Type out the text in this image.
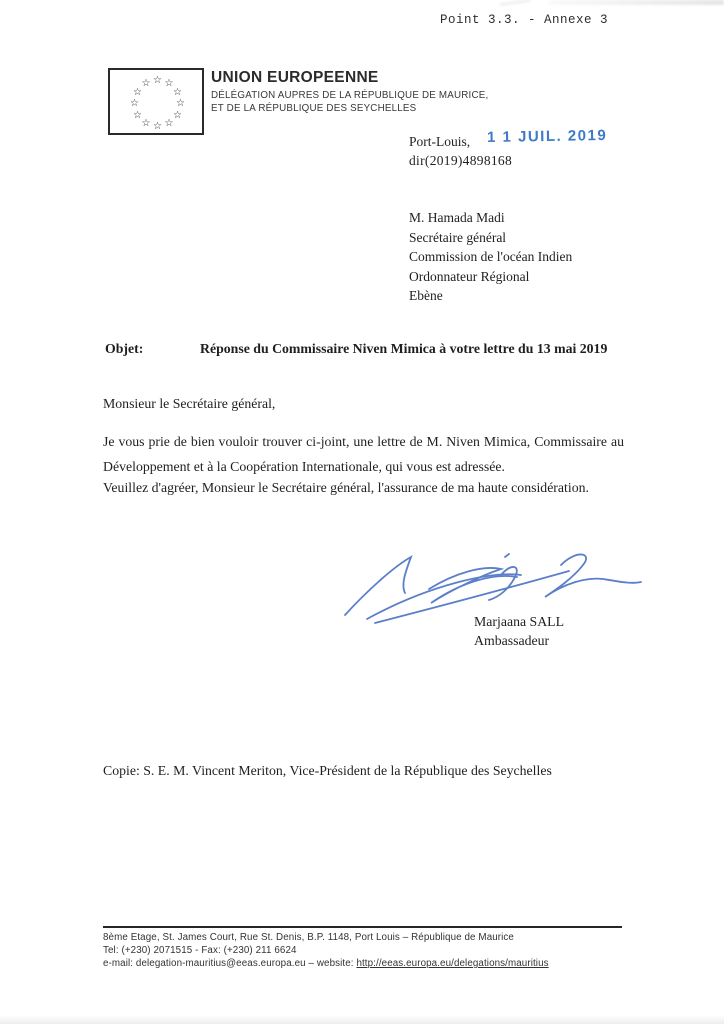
Point 3.3. - Annexe 3
☆ ☆
☆
☆
☆
☆
☆
☆
☆
☆
☆
☆	UNION EUROPEENNE
DÉLÉGATION AUPRES DE LA RÉPUBLIQUE DE MAURICE,
ET DE LA RÉPUBLIQUE DES SEYCHELLES
Port-Louis, 1 1 JUIL. 2019
dir(2019)4898168
M. Hamada Madi
Secrétaire général
Commission de l'océan Indien
Ordonnateur Régional
Ebène
Objet:	Réponse du Commissaire Niven Mimica à votre lettre du 13 mai 2019
Monsieur le Secrétaire général,
Je vous prie de bien vouloir trouver ci-joint, une lettre de M. Niven Mimica, Commissaire au Développement et à la Coopération Internationale, qui vous est adressée.
Veuillez d'agréer, Monsieur le Secrétaire général, l'assurance de ma haute considération.
Marjaana SALL
Ambassadeur
Copie: S. E. M. Vincent Meriton, Vice-Président de la République des Seychelles
8ème Etage, St. James Court, Rue St. Denis, B.P. 1148, Port Louis – République de Maurice
Tel: (+230) 2071515 - Fax: (+230) 211 6624
e-mail: delegation-mauritius@eeas.europa.eu – website: http://eeas.europa.eu/delegations/mauritius
